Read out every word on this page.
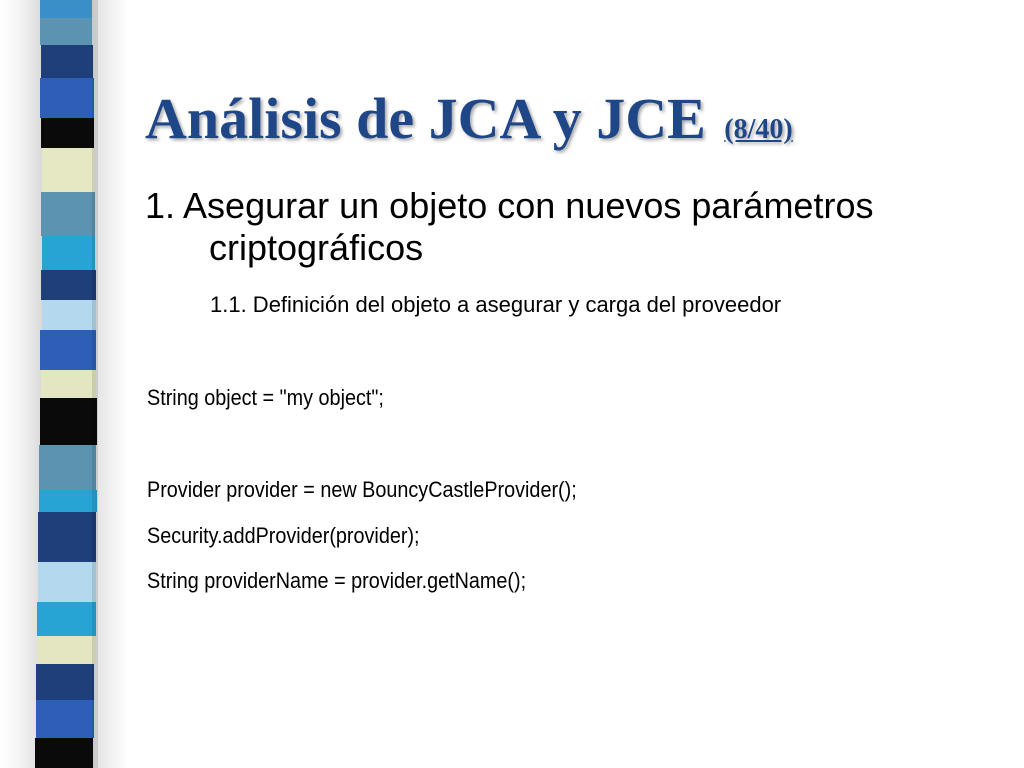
Análisis de JCA y JCE (8/40)
1. Asegurar un objeto con nuevos parámetros
criptográficos

1.1. Definición del objeto a asegurar y carga del proveedor

String object = "my object";

Provider provider = new BouncyCastleProvider();

Security.addProvider(provider);

String providerName = provider.getName();
